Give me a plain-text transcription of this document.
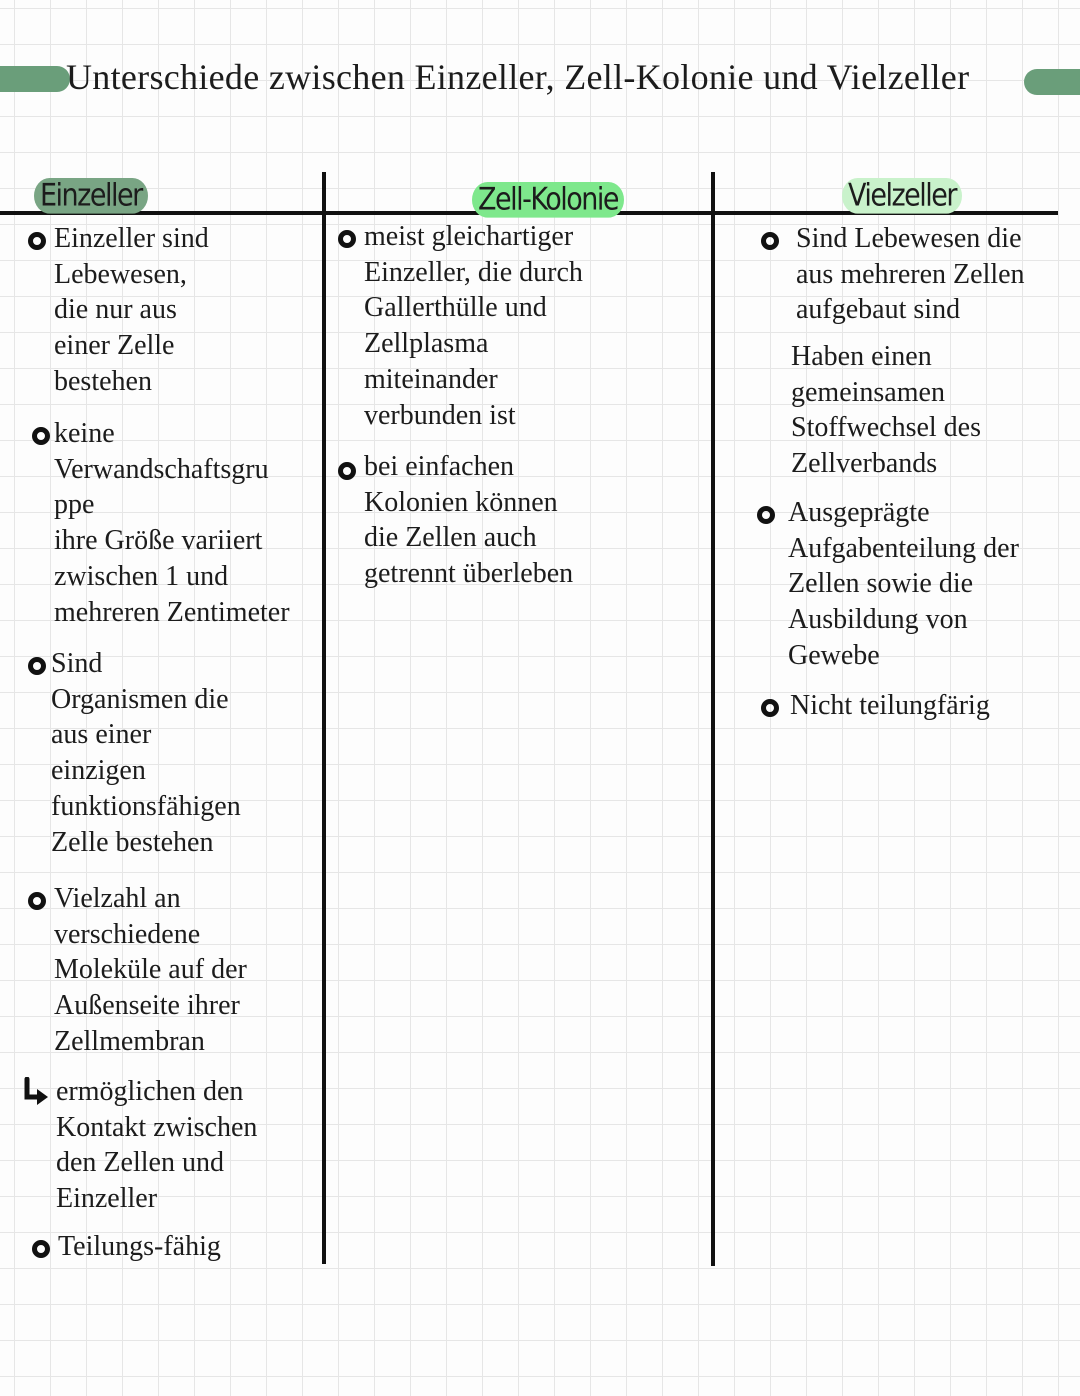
Unterschiede zwischen Einzeller, Zell-Kolonie und Vielzeller
Einzeller	Zell-Kolonie	Vielzeller
Einzeller sind
Lebewesen,
die nur aus
einer Zelle
bestehen
keine
Verwandschaftsgru
ppe
ihre Größe variiert
zwischen 1 und
mehreren Zentimeter
Sind
Organismen die
aus einer
einzigen
funktionsfähigen
Zelle bestehen
Vielzahl an
verschiedene
Moleküle auf der
Außenseite ihrer
Zellmembran
ermöglichen den
Kontakt zwischen
den Zellen und
Einzeller
Teilungs-fähig
meist gleichartiger
Einzeller, die durch
Gallerthülle und
Zellplasma
miteinander
verbunden ist
bei einfachen
Kolonien können
die Zellen auch
getrennt überleben
Sind Lebewesen die
aus mehreren Zellen
aufgebaut sind
Haben einen
gemeinsamen
Stoffwechsel des
Zellverbands
Ausgeprägte
Aufgabenteilung der
Zellen sowie die
Ausbildung von
Gewebe
Nicht teilungfärig
